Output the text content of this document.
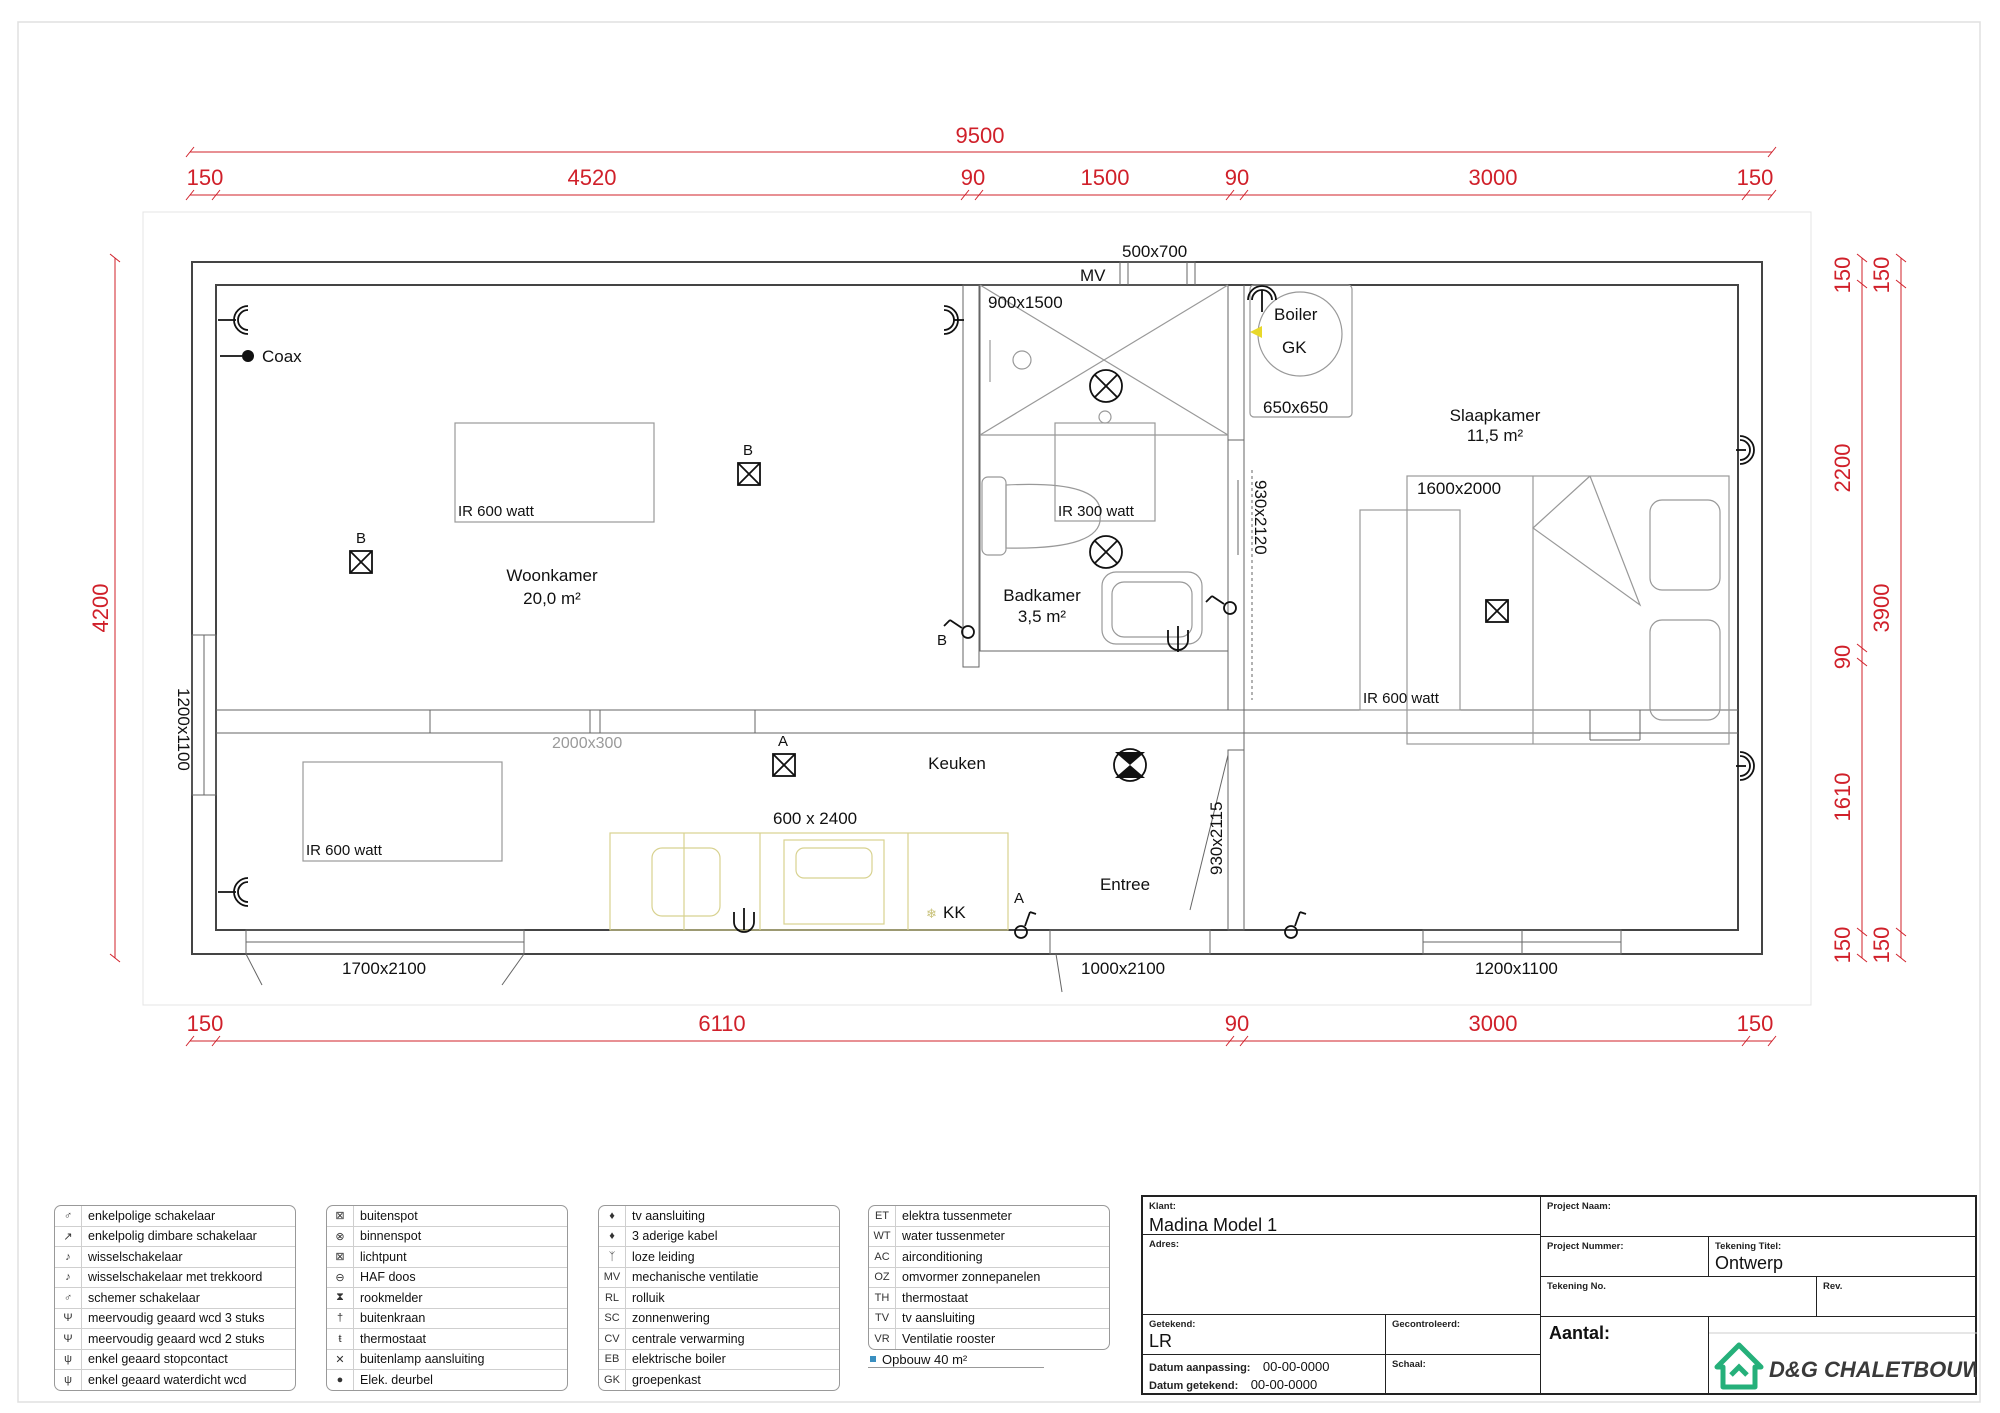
9500
150	4520	90	1500	90	3000	150
150	6110	90	3000	150
4200
150
2200
90
1610
150
150
3900
150
❄
Coax
MV
500x700
900x1500
Boiler
GK
650x650
930x2120
930x2115
Woonkamer
20,0 m²	Badkamer
3,5 m²
Slaapkamer
11,5 m²
Keuken
Entree
1600x2000
1200x1100	2000x300
600 x 2400
KK
1700x2100	1000x2100	1200x1100
IR 600 watt	IR 300 watt
IR 600 watt
IR 600 watt
B
B
B
A
A
♂	enkelpolige schakelaar
↗	enkelpolig dimbare schakelaar
♪	wisselschakelaar
♪	wisselschakelaar met trekkoord
♂	schemer schakelaar
Ψ	meervoudig geaard wcd 3 stuks
Ψ	meervoudig geaard wcd 2 stuks
ψ	enkel geaard stopcontact
ψ	enkel geaard waterdicht wcd
⊠	buitenspot
⊗	binnenspot
⊠	lichtpunt
⊖	HAF doos
⧗	rookmelder
†	buitenkraan
ŧ	thermostaat
✕	buitenlamp aansluiting
●	Elek. deurbel
♦	tv aansluiting
♦	3 aderige kabel
ᛉ	loze leiding
MV mechanische ventilatie
RL	rolluik
SC zonnenwering
CV centrale verwarming
EB	elektrische boiler
GK groepenkast
ET	elektra tussenmeter
WT water tussenmeter
AC airconditioning
OZ omvormer zonnepanelen
TH	thermostaat
TV	tv aansluiting
VR Ventilatie rooster
Opbouw 40 m²
Klant:
Madina Model 1
Adres:
Project Naam:
Project Nummer:	Tekening Titel:
Ontwerp
Tekening No.	Rev.
Getekend:
LR
Gecontroleerd:
Datum aanpassing: 00-00-0000
Datum getekend: 00-00-0000
Schaal:
Aantal:
D&G CHALETBOUW
